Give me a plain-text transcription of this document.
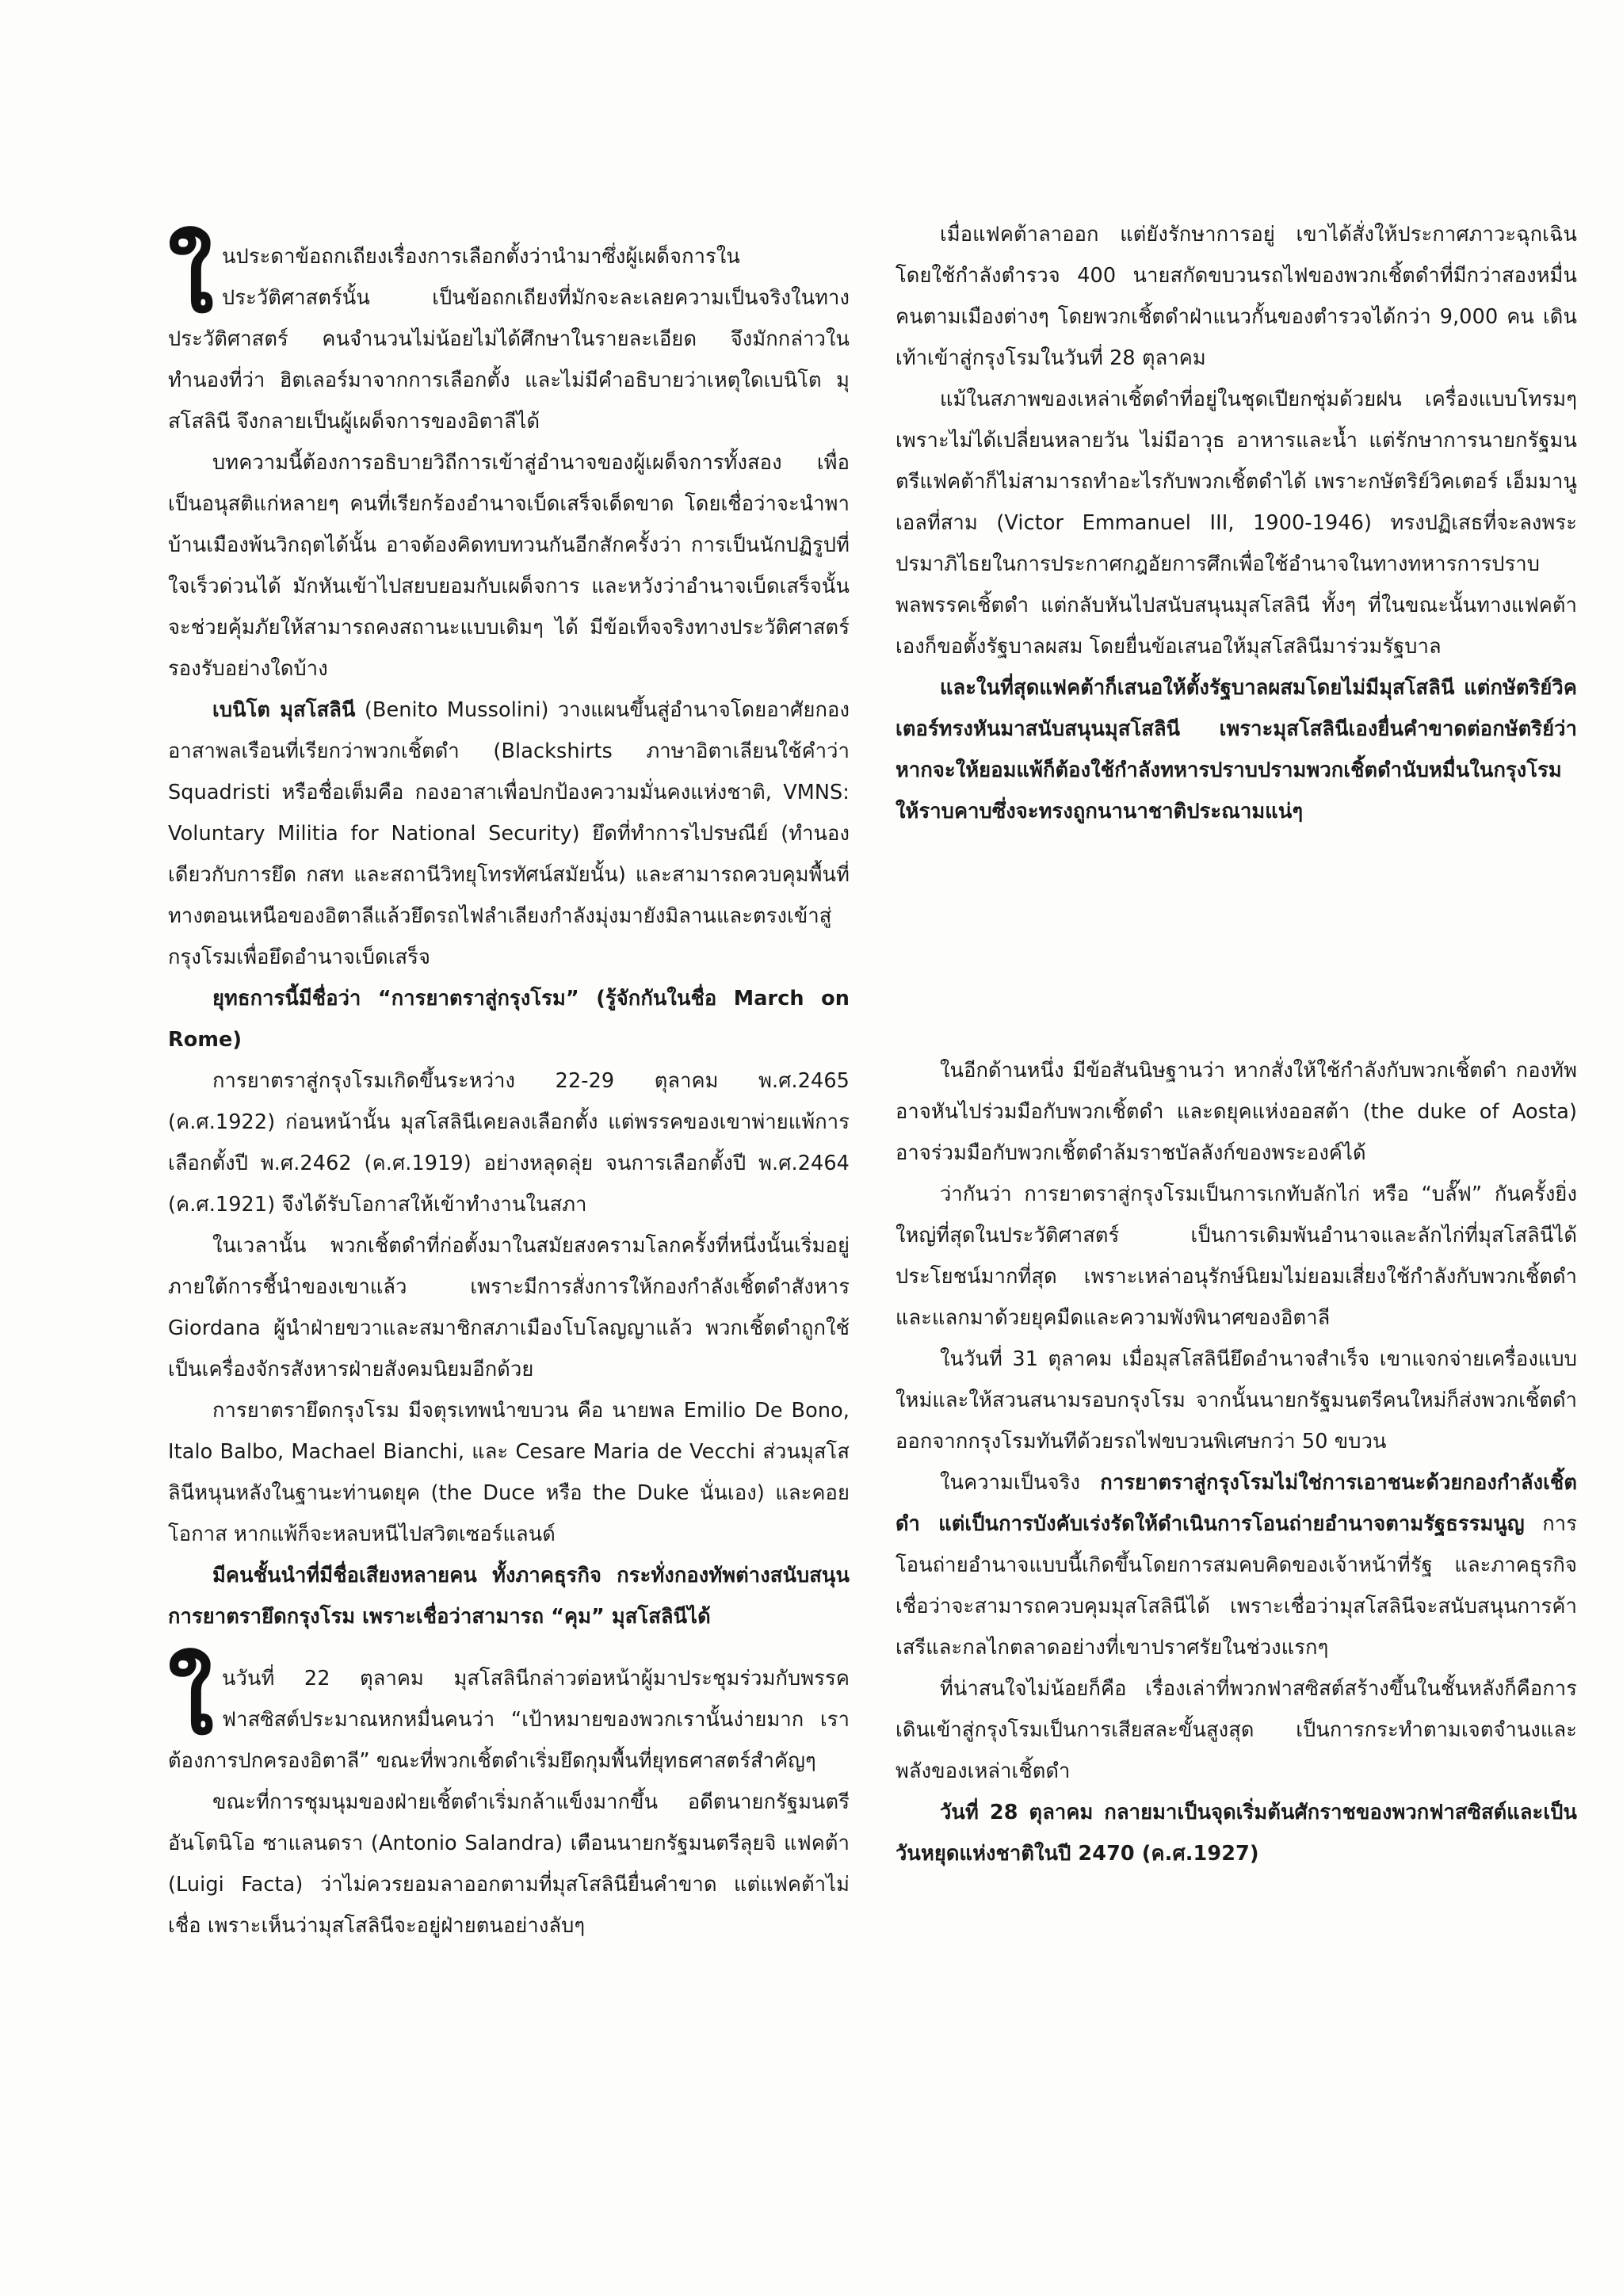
ในประดาข้อถกเถียงเรื่องการเลือกตั้งว่านำมาซึ่งผู้เผด็จการในประวัติศาสตร์นั้น เป็นข้อถกเถียงที่มักจะละเลยความเป็นจริงในทางประวัติศาสตร์ คนจำนวนไม่น้อยไม่ได้ศึกษาในรายละเอียด จึงมักกล่าวในทำนองที่ว่า ฮิตเลอร์มาจากการเลือกตั้ง และไม่มีคำอธิบายว่าเหตุใดเบนิโต มุสโสลินี จึงกลายเป็นผู้เผด็จการของอิตาลีได้

บทความนี้ต้องการอธิบายวิถีการเข้าสู่อำนาจของผู้เผด็จการทั้งสอง เพื่อเป็นอนุสติแก่หลายๆ คนที่เรียกร้องอำนาจเบ็ดเสร็จเด็ดขาด โดยเชื่อว่าจะนำพาบ้านเมืองพ้นวิกฤตได้นั้น อาจต้องคิดทบทวนกันอีกสักครั้งว่า การเป็นนักปฏิรูปที่ใจเร็วด่วนได้ มักหันเข้าไปสยบยอมกับเผด็จการ และหวังว่าอำนาจเบ็ดเสร็จนั้นจะช่วยคุ้มภัยให้สามารถคงสถานะแบบเดิมๆ ได้ มีข้อเท็จจริงทางประวัติศาสตร์รองรับอย่างใดบ้าง

เบนิโต มุสโสลินี (Benito Mussolini) วางแผนขึ้นสู่อำนาจโดยอาศัยกองอาสาพลเรือนที่เรียกว่าพวกเชิ้ตดำ (Blackshirts ภาษาอิตาเลียนใช้คำว่า Squadristi หรือชื่อเต็มคือ กองอาสาเพื่อปกป้องความมั่นคงแห่งชาติ, VMNS: Voluntary Militia for National Security) ยึดที่ทำการไปรษณีย์ (ทำนองเดียวกับการยึด กสท และสถานีวิทยุโทรทัศน์สมัยนั้น) และสามารถควบคุมพื้นที่ทางตอนเหนือของอิตาลีแล้วยึดรถไฟลำเลียงกำลังมุ่งมายังมิลานและตรงเข้าสู่กรุงโรมเพื่อยึดอำนาจเบ็ดเสร็จ

ยุทธการนี้มีชื่อว่า “การยาตราสู่กรุงโรม” (รู้จักกันในชื่อ March on Rome)

การยาตราสู่กรุงโรมเกิดขึ้นระหว่าง 22-29 ตุลาคม พ.ศ.2465 (ค.ศ.1922) ก่อนหน้านั้น มุสโสลินีเคยลงเลือกตั้ง แต่พรรคของเขาพ่ายแพ้การเลือกตั้งปี พ.ศ.2462 (ค.ศ.1919) อย่างหลุดลุ่ย จนการเลือกตั้งปี พ.ศ.2464 (ค.ศ.1921) จึงได้รับโอกาสให้เข้าทำงานในสภา

ในเวลานั้น พวกเชิ้ตดำที่ก่อตั้งมาในสมัยสงครามโลกครั้งที่หนึ่งนั้นเริ่มอยู่ภายใต้การชี้นำของเขาแล้ว เพราะมีการสั่งการให้กองกำลังเชิ้ตดำสังหาร Giordana ผู้นำฝ่ายขวาและสมาชิกสภาเมืองโบโลญญาแล้ว พวกเชิ้ตดำถูกใช้เป็นเครื่องจักรสังหารฝ่ายสังคมนิยมอีกด้วย

การยาตรายึดกรุงโรม มีจตุรเทพนำขบวน คือ นายพล Emilio De Bono, Italo Balbo, Machael Bianchi, และ Cesare Maria de Vecchi ส่วนมุสโสลินีหนุนหลังในฐานะท่านดยุค (the Duce หรือ the Duke นั่นเอง) และคอยโอกาส หากแพ้ก็จะหลบหนีไปสวิตเซอร์แลนด์

มีคนชั้นนำที่มีชื่อเสียงหลายคน ทั้งภาคธุรกิจ กระทั่งกองทัพต่างสนับสนุนการยาตรายึดกรุงโรม เพราะเชื่อว่าสามารถ “คุม” มุสโสลินีได้

ในวันที่ 22 ตุลาคม มุสโสลินีกล่าวต่อหน้าผู้มาประชุมร่วมกับพรรคฟาสซิสต์ประมาณหกหมื่นคนว่า “เป้าหมายของพวกเรานั้นง่ายมาก เราต้องการปกครองอิตาลี” ขณะที่พวกเชิ้ตดำเริ่มยึดกุมพื้นที่ยุทธศาสตร์สำคัญๆ

ขณะที่การชุมนุมของฝ่ายเชิ้ตดำเริ่มกล้าแข็งมากขึ้น อดีตนายกรัฐมนตรีอันโตนิโอ ซาแลนดรา (Antonio Salandra) เตือนนายกรัฐมนตรีลุยจิ แฟคต้า (Luigi Facta) ว่าไม่ควรยอมลาออกตามที่มุสโสลินียื่นคำขาด แต่แฟคต้าไม่เชื่อ เพราะเห็นว่ามุสโสลินีจะอยู่ฝ่ายตนอย่างลับๆ

เมื่อแฟคต้าลาออก แต่ยังรักษาการอยู่ เขาได้สั่งให้ประกาศภาวะฉุกเฉิน โดยใช้กำลังตำรวจ 400 นายสกัดขบวนรถไฟของพวกเชิ้ตดำที่มีกว่าสองหมื่นคนตามเมืองต่างๆ โดยพวกเชิ้ตดำฝ่าแนวกั้นของตำรวจได้กว่า 9,000 คน เดินเท้าเข้าสู่กรุงโรมในวันที่ 28 ตุลาคม

แม้ในสภาพของเหล่าเชิ้ตดำที่อยู่ในชุดเปียกชุ่มด้วยฝน เครื่องแบบโทรมๆ เพราะไม่ได้เปลี่ยนหลายวัน ไม่มีอาวุธ อาหารและน้ำ แต่รักษาการนายกรัฐมนตรีแฟคต้าก็ไม่สามารถทำอะไรกับพวกเชิ้ตดำได้ เพราะกษัตริย์วิคเตอร์ เอ็มมานูเอลที่สาม (Victor Emmanuel III, 1900-1946) ทรงปฏิเสธที่จะลงพระปรมาภิไธยในการประกาศกฎอัยการศึกเพื่อใช้อำนาจในทางทหารการปราบพลพรรคเชิ้ตดำ แต่กลับหันไปสนับสนุนมุสโสลินี ทั้งๆ ที่ในขณะนั้นทางแฟคต้าเองก็ขอตั้งรัฐบาลผสม โดยยื่นข้อเสนอให้มุสโสลินีมาร่วมรัฐบาล

และในที่สุดแฟคต้าก็เสนอให้ตั้งรัฐบาลผสมโดยไม่มีมุสโสลินี แต่กษัตริย์วิคเตอร์ทรงหันมาสนับสนุนมุสโสลินี เพราะมุสโสลินีเองยื่นคำขาดต่อกษัตริย์ว่าหากจะให้ยอมแพ้ก็ต้องใช้กำลังทหารปราบปรามพวกเชิ้ตดำนับหมื่นในกรุงโรมให้ราบคาบซึ่งจะทรงถูกนานาชาติประณามแน่ๆ

ในอีกด้านหนึ่ง มีข้อสันนิษฐานว่า หากสั่งให้ใช้กำลังกับพวกเชิ้ตดำ กองทัพอาจหันไปร่วมมือกับพวกเชิ้ตดำ และดยุคแห่งออสต้า (the duke of Aosta) อาจร่วมมือกับพวกเชิ้ตดำล้มราชบัลลังก์ของพระองค์ได้

ว่ากันว่า การยาตราสู่กรุงโรมเป็นการเกทับลักไก่ หรือ “บลั๊ฟ” กันครั้งยิ่งใหญ่ที่สุดในประวัติศาสตร์ เป็นการเดิมพันอำนาจและลักไก่ที่มุสโสลินีได้ประโยชน์มากที่สุด เพราะเหล่าอนุรักษ์นิยมไม่ยอมเสี่ยงใช้กำลังกับพวกเชิ้ตดำ และแลกมาด้วยยุคมืดและความพังพินาศของอิตาลี

ในวันที่ 31 ตุลาคม เมื่อมุสโสลินียึดอำนาจสำเร็จ เขาแจกจ่ายเครื่องแบบใหม่และให้สวนสนามรอบกรุงโรม จากนั้นนายกรัฐมนตรีคนใหม่ก็ส่งพวกเชิ้ตดำออกจากกรุงโรมทันทีด้วยรถไฟขบวนพิเศษกว่า 50 ขบวน

ในความเป็นจริง การยาตราสู่กรุงโรมไม่ใช่การเอาชนะด้วยกองกำลังเชิ้ตดำ แต่เป็นการบังคับเร่งรัดให้ดำเนินการโอนถ่ายอำนาจตามรัฐธรรมนูญ การโอนถ่ายอำนาจแบบนี้เกิดขึ้นโดยการสมคบคิดของเจ้าหน้าที่รัฐ และภาคธุรกิจเชื่อว่าจะสามารถควบคุมมุสโสลินีได้ เพราะเชื่อว่ามุสโสลินีจะสนับสนุนการค้าเสรีและกลไกตลาดอย่างที่เขาปราศรัยในช่วงแรกๆ

ที่น่าสนใจไม่น้อยก็คือ เรื่องเล่าที่พวกฟาสซิสต์สร้างขึ้นในชั้นหลังก็คือการเดินเข้าสู่กรุงโรมเป็นการเสียสละขั้นสูงสุด เป็นการกระทำตามเจตจำนงและพลังของเหล่าเชิ้ตดำ

วันที่ 28 ตุลาคม กลายมาเป็นจุดเริ่มต้นศักราชของพวกฟาสซิสต์และเป็นวันหยุดแห่งชาติในปี 2470 (ค.ศ.1927)
